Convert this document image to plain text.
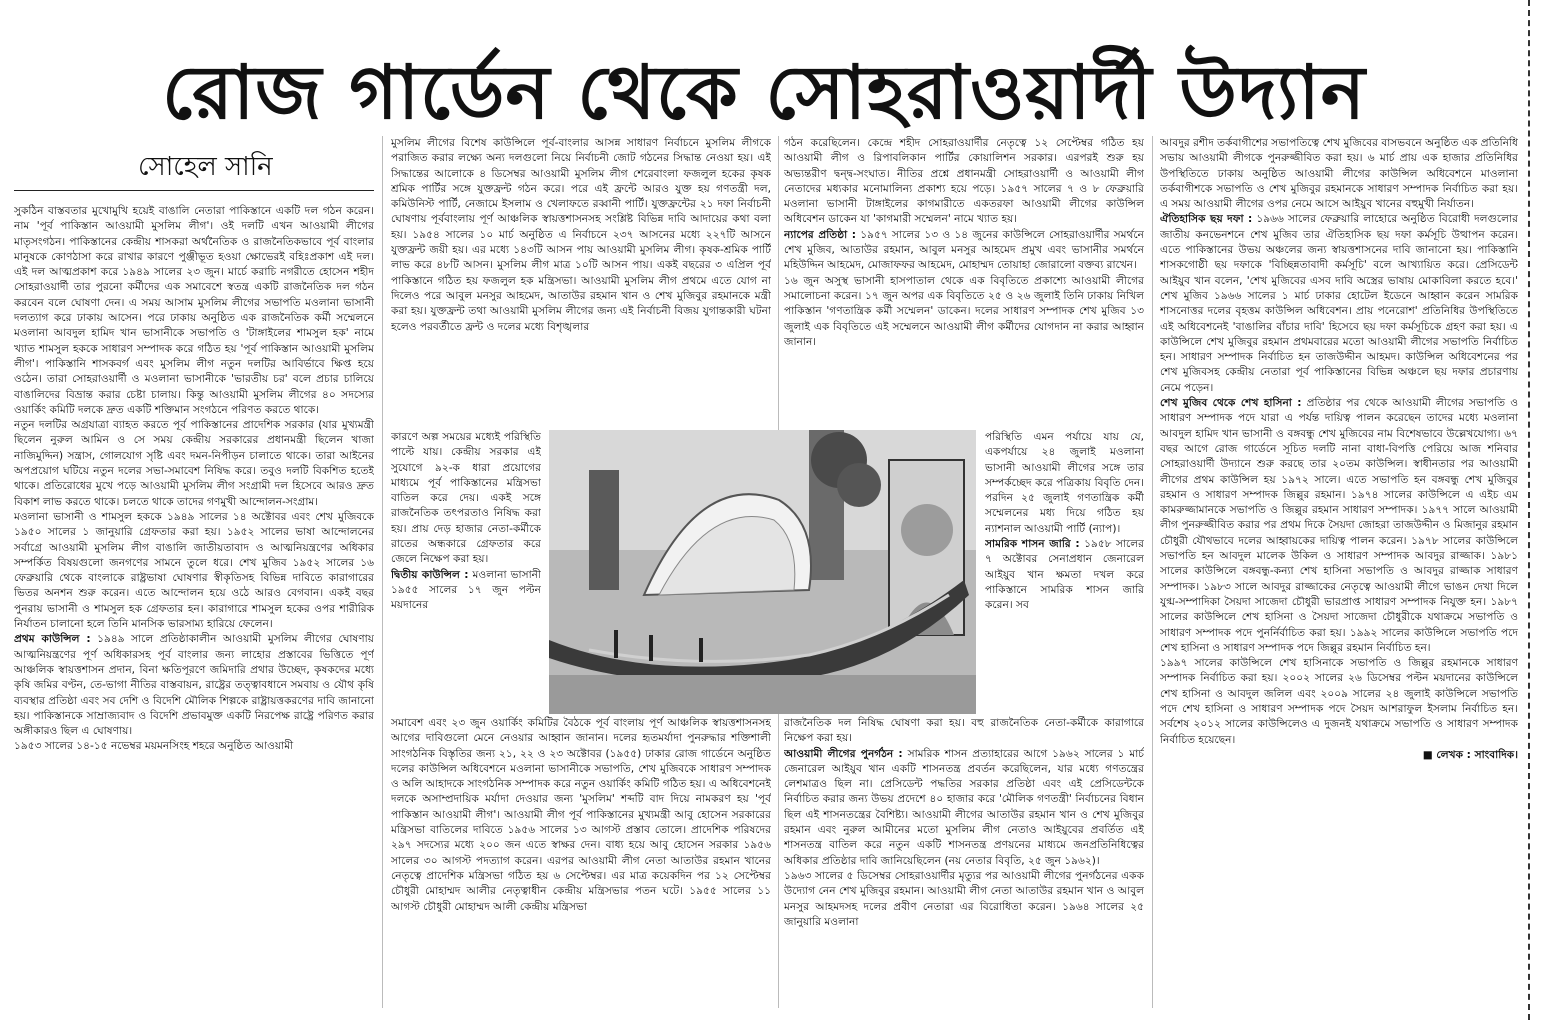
রোজ গার্ডেন থেকে সোহরাওয়ার্দী উদ্যান
সোহেল সানি

সুকঠিন বাস্তবতার মুখোমুখি হয়েই বাঙালি নেতারা পাকিস্তানে একটি দল গঠন করেন। নাম 'পূর্ব পাকিস্তান আওয়ামী মুসলিম লীগ'। ওই দলটি এখন আওয়ামী লীগের মাতৃসংগঠন। পাকিস্তানের কেন্দ্রীয় শাসকরা অর্থনৈতিক ও রাজনৈতিকভাবে পূর্ব বাংলার মানুষকে কোণঠাসা করে রাখার কারণে পুঞ্জীভূত হওয়া ক্ষোভেরই বহিঃপ্রকাশ এই দল। এই দল আত্মপ্রকাশ করে ১৯৪৯ সালের ২৩ জুন। মার্চে করাচি নগরীতে হোসেন শহীদ সোহরাওয়ার্দী তার পুরনো কর্মীদের এক সমাবেশে স্বতন্ত্র একটি রাজনৈতিক দল গঠন করবেন বলে ঘোষণা দেন। এ সময় আসাম মুসলিম লীগের সভাপতি মওলানা ভাসানী দলত্যাগ করে ঢাকায় আসেন। পরে ঢাকায় অনুষ্ঠিত এক রাজনৈতিক কর্মী সম্মেলনে মওলানা আবদুল হামিদ খান ভাসানীকে সভাপতি ও 'টাঙ্গাইলের শামসুল হক' নামে খ্যাত শামসুল হককে সাধারণ সম্পাদক করে গঠিত হয় 'পূর্ব পাকিস্তান আওয়ামী মুসলিম লীগ'। পাকিস্তানি শাসকবর্গ এবং মুসলিম লীগ নতুন দলটির আবির্ভাবে ক্ষিপ্ত হয়ে ওঠেন। তারা সোহরাওয়ার্দী ও মওলানা ভাসানীকে 'ভারতীয় চর' বলে প্রচার চালিয়ে বাঙালিদের বিভ্রান্ত করার চেষ্টা চালায়। কিন্তু আওয়ামী মুসলিম লীগের ৪০ সদস্যের ওয়ার্কিং কমিটি দলকে দ্রুত একটি শক্তিমান সংগঠনে পরিণত করতে থাকে।

নতুন দলটির অগ্রযাত্রা ব্যাহত করতে পূর্ব পাকিস্তানের প্রাদেশিক সরকার (যার মুখ্যমন্ত্রী ছিলেন নুরুল আমিন ও সে সময় কেন্দ্রীয় সরকারের প্রধানমন্ত্রী ছিলেন খাজা নাজিমুদ্দিন) সন্ত্রাস, গোলযোগ সৃষ্টি এবং দমন-নিপীড়ন চালাতে থাকে। তারা আইনের অপপ্রয়োগ ঘটিয়ে নতুন দলের সভা-সমাবেশ নিষিদ্ধ করে। তবুও দলটি বিকশিত হতেই থাকে। প্রতিরোধের মুখে পড়ে আওয়ামী মুসলিম লীগ সংগ্রামী দল হিসেবে আরও দ্রুত বিকাশ লাভ করতে থাকে। চলতে থাকে তাদের গণমুখী আন্দোলন-সংগ্রাম।

মওলানা ভাসানী ও শামসুল হককে ১৯৪৯ সালের ১৪ অক্টোবর এবং শেখ মুজিবকে ১৯৫০ সালের ১ জানুয়ারি গ্রেফতার করা হয়। ১৯৫২ সালের ভাষা আন্দোলনের সর্বাগ্রে আওয়ামী মুসলিম লীগ বাঙালি জাতীয়তাবাদ ও আত্মনিয়ন্ত্রণের অধিকার সম্পর্কিত বিষয়গুলো জনগণের সামনে তুলে ধরে। শেখ মুজিব ১৯৫২ সালের ১৬ ফেব্রুয়ারি থেকে বাংলাকে রাষ্ট্রভাষা ঘোষণার স্বীকৃতিসহ বিভিন্ন দাবিতে কারাগারের ভিতর অনশন শুরু করেন। এতে আন্দোলন হয়ে ওঠে আরও বেগবান। একই বছর পুনরায় ভাসানী ও শামসুল হক গ্রেফতার হন। কারাগারে শামসুল হকের ওপর শারীরিক নির্যাতন চালানো হলে তিনি মানসিক ভারসাম্য হারিয়ে ফেলেন।

প্রথম কাউন্সিল : ১৯৪৯ সালে প্রতিষ্ঠাকালীন আওয়ামী মুসলিম লীগের ঘোষণায় আত্মনিয়ন্ত্রণের পূর্ণ অধিকারসহ পূর্ব বাংলার জন্য লাহোর প্রস্তাবের ভিত্তিতে পূর্ণ আঞ্চলিক স্বায়ত্তশাসন প্রদান, বিনা ক্ষতিপূরণে জমিদারি প্রথার উচ্ছেদ, কৃষকদের মধ্যে কৃষি জমির বণ্টন, তে-ভাগা নীতির বাস্তবায়ন, রাষ্ট্রের তত্ত্বাবধানে সমবায় ও যৌথ কৃষি ব্যবস্থার প্রতিষ্ঠা এবং সব দেশি ও বিদেশি মৌলিক শিল্পকে রাষ্ট্রায়ত্তকরণের দাবি জানানো হয়। পাকিস্তানকে সাম্রাজ্যবাদ ও বিদেশি প্রভাবমুক্ত একটি নিরপেক্ষ রাষ্ট্রে পরিণত করার অঙ্গীকারও ছিল এ ঘোষণায়।

১৯৫৩ সালের ১৪-১৫ নভেম্বর ময়মনসিংহ শহরে অনুষ্ঠিত আওয়ামী

মুসলিম লীগের বিশেষ কাউন্সিলে পূর্ব-বাংলার আসন্ন সাধারণ নির্বাচনে মুসলিম লীগকে পরাজিত করার লক্ষ্যে অন্য দলগুলো নিয়ে নির্বাচনী জোট গঠনের সিদ্ধান্ত নেওয়া হয়। এই সিদ্ধান্তের আলোকে ৪ ডিসেম্বর আওয়ামী মুসলিম লীগ শেরেবাংলা ফজলুল হকের কৃষক শ্রমিক পার্টির সঙ্গে যুক্তফ্রন্ট গঠন করে। পরে এই ফ্রন্টে আরও যুক্ত হয় গণতন্ত্রী দল, কমিউনিস্ট পার্টি, নেজামে ইসলাম ও খেলাফতে রব্বানী পার্টি। যুক্তফ্রন্টের ২১ দফা নির্বাচনী ঘোষণায় পূর্ববাংলায় পূর্ণ আঞ্চলিক স্বায়ত্তশাসনসহ সংশ্লিষ্ট বিভিন্ন দাবি আদায়ের কথা বলা হয়। ১৯৫৪ সালের ১০ মার্চ অনুষ্ঠিত এ নির্বাচনে ২৩৭ আসনের মধ্যে ২২৭টি আসনে যুক্তফ্রন্ট জয়ী হয়। এর মধ্যে ১৪৩টি আসন পায় আওয়ামী মুসলিম লীগ। কৃষক-শ্রমিক পার্টি লাভ করে ৪৮টি আসন। মুসলিম লীগ মাত্র ১০টি আসন পায়। একই বছরের ৩ এপ্রিল পূর্ব পাকিস্তানে গঠিত হয় ফজলুল হক মন্ত্রিসভা। আওয়ামী মুসলিম লীগ প্রথমে এতে যোগ না দিলেও পরে আবুল মনসুর আহমেদ, আতাউর রহমান খান ও শেখ মুজিবুর রহমানকে মন্ত্রী করা হয়। যুক্তফ্রন্ট তথা আওয়ামী মুসলিম লীগের জন্য এই নির্বাচনী বিজয় যুগান্তকারী ঘটনা হলেও পরবর্তীতে ফ্রন্ট ও দলের মধ্যে বিশৃঙ্খলার

কারণে অল্প সময়ের মধ্যেই পরিস্থিতি পাল্টে যায়। কেন্দ্রীয় সরকার এই সুযোগে ৯২-ক ধারা প্রয়োগের মাধ্যমে পূর্ব পাকিস্তানের মন্ত্রিসভা বাতিল করে দেয়। একই সঙ্গে রাজনৈতিক তৎপরতাও নিষিদ্ধ করা হয়। প্রায় দেড় হাজার নেতা-কর্মীকে রাতের অন্ধকারে গ্রেফতার করে জেলে নিক্ষেপ করা হয়।

দ্বিতীয় কাউন্সিল : মওলানা ভাসানী ১৯৫৫ সালের ১৭ জুন পল্টন ময়দানের

সমাবেশ এবং ২৩ জুন ওয়ার্কিং কমিটির বৈঠকে পূর্ব বাংলায় পূর্ণ আঞ্চলিক স্বায়ত্তশাসনসহ আগের দাবিগুলো মেনে নেওয়ার আহ্বান জানান। দলের হৃতমর্যাদা পুনরুদ্ধার শক্তিশালী সাংগঠনিক বিস্তৃতির জন্য ২১, ২২ ও ২৩ অক্টোবর (১৯৫৫) ঢাকার রোজ গার্ডেনে অনুষ্ঠিত দলের কাউন্সিল অধিবেশনে মওলানা ভাসানীকে সভাপতি, শেখ মুজিবকে সাধারণ সম্পাদক ও অলি আহাদকে সাংগঠনিক সম্পাদক করে নতুন ওয়ার্কিং কমিটি গঠিত হয়। এ অধিবেশনেই দলকে অসাম্প্রদায়িক মর্যাদা দেওয়ার জন্য 'মুসলিম' শব্দটি বাদ দিয়ে নামকরণ হয় 'পূর্ব পাকিস্তান আওয়ামী লীগ'। আওয়ামী লীগ পূর্ব পাকিস্তানের মুখ্যমন্ত্রী আবু হোসেন সরকারের মন্ত্রিসভা বাতিলের দাবিতে ১৯৫৬ সালের ১৩ আগস্ট প্রস্তাব তোলে। প্রাদেশিক পরিষদের ২৯৭ সদস্যের মধ্যে ২০০ জন এতে স্বাক্ষর দেন। বাধ্য হয়ে আবু হোসেন সরকার ১৯৫৬ সালের ৩০ আগস্ট পদত্যাগ করেন। এরপর আওয়ামী লীগ নেতা আতাউর রহমান খানের নেতৃত্বে প্রাদেশিক মন্ত্রিসভা গঠিত হয় ৬ সেপ্টেম্বর। এর মাত্র কয়েকদিন পর ১২ সেপ্টেম্বর চৌধুরী মোহাম্মদ আলীর নেতৃত্বাধীন কেন্দ্রীয় মন্ত্রিসভার পতন ঘটে। ১৯৫৫ সালের ১১ আগস্ট চৌধুরী মোহাম্মদ আলী কেন্দ্রীয় মন্ত্রিসভা

গঠন করেছিলেন। কেন্দ্রে শহীদ সোহরাওয়ার্দীর নেতৃত্বে ১২ সেপ্টেম্বর গঠিত হয় আওয়ামী লীগ ও রিপাবলিকান পার্টির কোয়ালিশন সরকার। এরপরই শুরু হয় অভ্যন্তরীণ দ্বন্দ্ব-সংঘাত। নীতির প্রশ্নে প্রধানমন্ত্রী সোহরাওয়ার্দী ও আওয়ামী লীগ নেতাদের মধ্যকার মনোমালিন্য প্রকাশ্য হয়ে পড়ে। ১৯৫৭ সালের ৭ ও ৮ ফেব্রুয়ারি মওলানা ভাসানী টাঙ্গাইলের কাগমারীতে একতরফা আওয়ামী লীগের কাউন্সিল অধিবেশন ডাকেন যা 'কাগমারী সম্মেলন' নামে খ্যাত হয়।

ন্যাপের প্রতিষ্ঠা : ১৯৫৭ সালের ১৩ ও ১৪ জুনের কাউন্সিলে সোহরাওয়ার্দীর সমর্থনে শেখ মুজিব, আতাউর রহমান, আবুল মনসুর আহমেদ প্রমুখ এবং ভাসানীর সমর্থনে মহিউদ্দিন আহমেদ, মোজাফফর আহমেদ, মোহাম্মদ তোয়াহা জোরালো বক্তব্য রাখেন।

১৬ জুন অসুস্থ ভাসানী হাসপাতাল থেকে এক বিবৃতিতে প্রকাশ্যে আওয়ামী লীগের সমালোচনা করেন। ১৭ জুন অপর এক বিবৃতিতে ২৫ ও ২৬ জুলাই তিনি ঢাকায় নিখিল পাকিস্তান 'গণতান্ত্রিক কর্মী সম্মেলন' ডাকেন। দলের সাধারণ সম্পাদক শেখ মুজিব ১৩ জুলাই এক বিবৃতিতে এই সম্মেলনে আওয়ামী লীগ কর্মীদের যোগদান না করার আহ্বান জানান।

পরিস্থিতি এমন পর্যায়ে যায় যে, একপর্যায়ে ২৪ জুলাই মওলানা ভাসানী আওয়ামী লীগের সঙ্গে তার সম্পর্কচ্ছেদ করে পত্রিকায় বিবৃতি দেন। পরদিন ২৫ জুলাই গণতান্ত্রিক কর্মী সম্মেলনের মধ্য দিয়ে গঠিত হয় ন্যাশনাল আওয়ামী পার্টি (ন্যাপ)।

সামরিক শাসন জারি : ১৯৫৮ সালের ৭ অক্টোবর সেনাপ্রধান জেনারেল আইয়ুব খান ক্ষমতা দখল করে পাকিস্তানে সামরিক শাসন জারি করেন। সব

রাজনৈতিক দল নিষিদ্ধ ঘোষণা করা হয়। বহু রাজনৈতিক নেতা-কর্মীকে কারাগারে নিক্ষেপ করা হয়।

আওয়ামী লীগের পুনর্গঠন : সামরিক শাসন প্রত্যাহারের আগে ১৯৬২ সালের ১ মার্চ জেনারেল আইয়ুব খান একটি শাসনতন্ত্র প্রবর্তন করেছিলেন, যার মধ্যে গণতন্ত্রের লেশমাত্রও ছিল না। প্রেসিডেন্ট পদ্ধতির সরকার প্রতিষ্ঠা এবং এই প্রেসিডেন্টকে নির্বাচিত করার জন্য উভয় প্রদেশে ৪০ হাজার করে 'মৌলিক গণতন্ত্রী' নির্বাচনের বিধান ছিল এই শাসনতন্ত্রের বৈশিষ্ট্য। আওয়ামী লীগের আতাউর রহমান খান ও শেখ মুজিবুর রহমান এবং নুরুল আমীনের মতো মুসলিম লীগ নেতাও আইয়ুবের প্রবর্তিত এই শাসনতন্ত্র বাতিল করে নতুন একটি শাসনতন্ত্র প্রণয়নের মাধ্যমে জনপ্রতিনিধিত্বের অধিকার প্রতিষ্ঠার দাবি জানিয়েছিলেন (নয় নেতার বিবৃতি, ২৫ জুন ১৯৬২)।

১৯৬৩ সালের ৫ ডিসেম্বর সোহরাওয়ার্দীর মৃত্যুর পর আওয়ামী লীগের পুনর্গঠনের একক উদ্যোগ নেন শেখ মুজিবুর রহমান। আওয়ামী লীগ নেতা আতাউর রহমান খান ও আবুল মনসুর আহমদসহ দলের প্রবীণ নেতারা এর বিরোধিতা করেন। ১৯৬৪ সালের ২৫ জানুয়ারি মওলানা

আবদুর রশীদ তর্কবাগীশের সভাপতিত্বে শেখ মুজিবের বাসভবনে অনুষ্ঠিত এক প্রতিনিধি সভায় আওয়ামী লীগকে পুনরুজ্জীবিত করা হয়। ৬ মার্চ প্রায় এক হাজার প্রতিনিধির উপস্থিতিতে ঢাকায় অনুষ্ঠিত আওয়ামী লীগের কাউন্সিল অধিবেশনে মাওলানা তর্কবাগীশকে সভাপতি ও শেখ মুজিবুর রহমানকে সাধারণ সম্পাদক নির্বাচিত করা হয়। এ সময় আওয়ামী লীগের ওপর নেমে আসে আইয়ুব খানের বহুমুখী নির্যাতন।

ঐতিহাসিক ছয় দফা : ১৯৬৬ সালের ফেব্রুয়ারি লাহোরে অনুষ্ঠিত বিরোধী দলগুলোর জাতীয় কনভেনশনে শেখ মুজিব তার ঐতিহাসিক ছয় দফা কর্মসূচি উত্থাপন করেন। এতে পাকিস্তানের উভয় অঞ্চলের জন্য স্বায়ত্তশাসনের দাবি জানানো হয়। পাকিস্তানি শাসকগোষ্ঠী ছয় দফাকে 'বিচ্ছিন্নতাবাদী কর্মসূচি' বলে আখ্যায়িত করে। প্রেসিডেন্ট আইয়ুব খান বলেন, 'শেখ মুজিবের এসব দাবি অস্ত্রের ভাষায় মোকাবিলা করতে হবে।' শেখ মুজিব ১৯৬৬ সালের ১ মার্চ ঢাকার হোটেল ইডেনে আহ্বান করেন সামরিক শাসনোত্তর দলের বৃহত্তম কাউন্সিল অধিবেশন। প্রায় পনেরোশ' প্রতিনিধির উপস্থিতিতে এই অধিবেশনেই 'বাঙালির বাঁচার দাবি' হিসেবে ছয় দফা কর্মসূচিকে গ্রহণ করা হয়। এ কাউন্সিলে শেখ মুজিবুর রহমান প্রথমবারের মতো আওয়ামী লীগের সভাপতি নির্বাচিত হন। সাধারণ সম্পাদক নির্বাচিত হন তাজউদ্দীন আহমদ। কাউন্সিল অধিবেশনের পর শেখ মুজিবসহ কেন্দ্রীয় নেতারা পূর্ব পাকিস্তানের বিভিন্ন অঞ্চলে ছয় দফার প্রচারণায় নেমে পড়েন।

শেখ মুজিব থেকে শেখ হাসিনা : প্রতিষ্ঠার পর থেকে আওয়ামী লীগের সভাপতি ও সাধারণ সম্পাদক পদে যারা এ পর্যন্ত দায়িত্ব পালন করেছেন তাদের মধ্যে মওলানা আবদুল হামিদ খান ভাসানী ও বঙ্গবন্ধু শেখ মুজিবের নাম বিশেষভাবে উল্লেখযোগ্য। ৬৭ বছর আগে রোজ গার্ডেনে সূচিত দলটি নানা বাধা-বিপত্তি পেরিয়ে আজ শনিবার সোহরাওয়ার্দী উদ্যানে শুরু করছে তার ২০তম কাউন্সিল। স্বাধীনতার পর আওয়ামী লীগের প্রথম কাউন্সিল হয় ১৯৭২ সালে। এতে সভাপতি হন বঙ্গবন্ধু শেখ মুজিবুর রহমান ও সাধারণ সম্পাদক জিল্লুর রহমান। ১৯৭৪ সালের কাউন্সিলে এ এইচ এম কামরুজ্জামানকে সভাপতি ও জিল্লুর রহমান সাধারণ সম্পাদক। ১৯৭৭ সালে আওয়ামী লীগ পুনরুজ্জীবিত করার পর প্রথম দিকে সৈয়দা জোহরা তাজউদ্দীন ও মিজানুর রহমান চৌধুরী যৌথভাবে দলের আহ্বায়কের দায়িত্ব পালন করেন। ১৯৭৮ সালের কাউন্সিলে সভাপতি হন আবদুল মালেক উকিল ও সাধারণ সম্পাদক আবদুর রাজ্জাক। ১৯৮১ সালের কাউন্সিলে বঙ্গবন্ধু-কন্যা শেখ হাসিনা সভাপতি ও আবদুর রাজ্জাক সাধারণ সম্পাদক। ১৯৮৩ সালে আবদুর রাজ্জাকের নেতৃত্বে আওয়ামী লীগে ভাঙন দেখা দিলে যুগ্ম-সম্পাদিকা সৈয়দা সাজেদা চৌধুরী ভারপ্রাপ্ত সাধারণ সম্পাদক নিযুক্ত হন। ১৯৮৭ সালের কাউন্সিলে শেখ হাসিনা ও সৈয়দা সাজেদা চৌধুরীকে যথাক্রমে সভাপতি ও সাধারণ সম্পাদক পদে পুনর্নির্বাচিত করা হয়। ১৯৯২ সালের কাউন্সিলে সভাপতি পদে শেখ হাসিনা ও সাধারণ সম্পাদক পদে জিল্লুর রহমান নির্বাচিত হন।

১৯৯৭ সালের কাউন্সিলে শেখ হাসিনাকে সভাপতি ও জিল্লুর রহমানকে সাধারণ সম্পাদক নির্বাচিত করা হয়। ২০০২ সালের ২৬ ডিসেম্বর পল্টন ময়দানের কাউন্সিলে শেখ হাসিনা ও আবদুল জলিল এবং ২০০৯ সালের ২৪ জুলাই কাউন্সিলে সভাপতি পদে শেখ হাসিনা ও সাধারণ সম্পাদক পদে সৈয়দ আশরাফুল ইসলাম নির্বাচিত হন। সর্বশেষ ২০১২ সালের কাউন্সিলেও এ দুজনই যথাক্রমে সভাপতি ও সাধারণ সম্পাদক নির্বাচিত হয়েছেন।

■ লেখক : সাংবাদিক।
